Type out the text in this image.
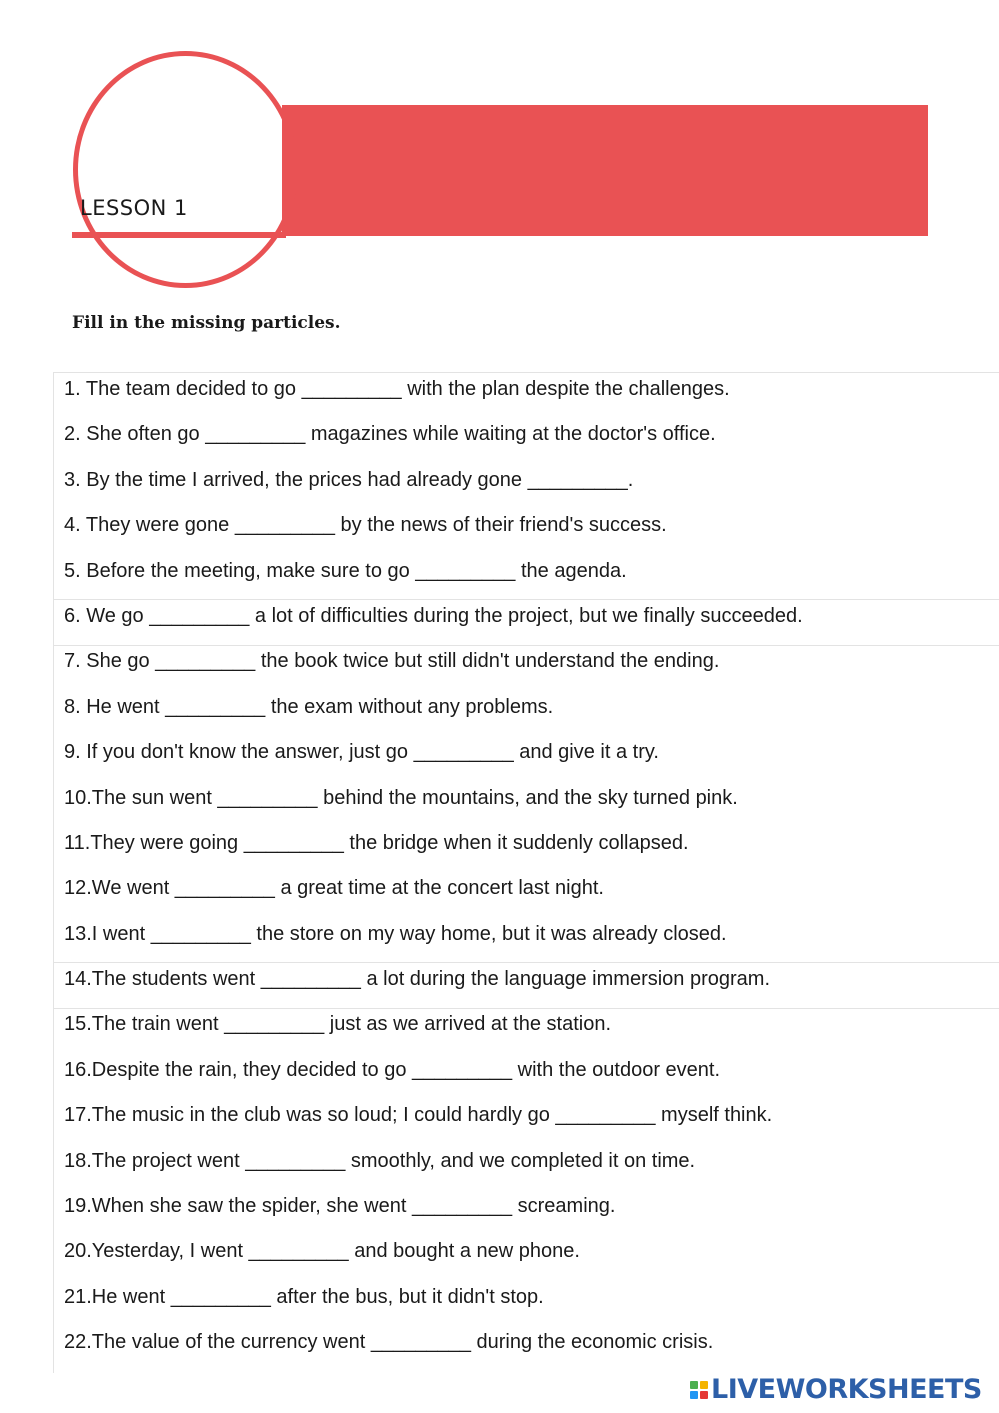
LESSON 1
Fill in the missing particles.
1. The team decided to go _________ with the plan despite the challenges.
2. She often go _________ magazines while waiting at the doctor's office.
3. By the time I arrived, the prices had already gone _________.
4. They were gone _________ by the news of their friend's success.
5. Before the meeting, make sure to go _________ the agenda.
6. We go _________ a lot of difficulties during the project, but we finally succeeded.
7. She go _________ the book twice but still didn't understand the ending.
8. He went _________ the exam without any problems.
9. If you don't know the answer, just go _________ and give it a try.
10.The sun went _________ behind the mountains, and the sky turned pink.
11.They were going _________ the bridge when it suddenly collapsed.
12.We went _________ a great time at the concert last night.
13.I went _________ the store on my way home, but it was already closed.
14.The students went _________ a lot during the language immersion program.
15.The train went _________ just as we arrived at the station.
16.Despite the rain, they decided to go _________ with the outdoor event.
17.The music in the club was so loud; I could hardly go _________ myself think.
18.The project went _________ smoothly, and we completed it on time.
19.When she saw the spider, she went _________ screaming.
20.Yesterday, I went _________ and bought a new phone.
21.He went _________ after the bus, but it didn't stop.
22.The value of the currency went _________ during the economic crisis.
LIVEWORKSHEETS
